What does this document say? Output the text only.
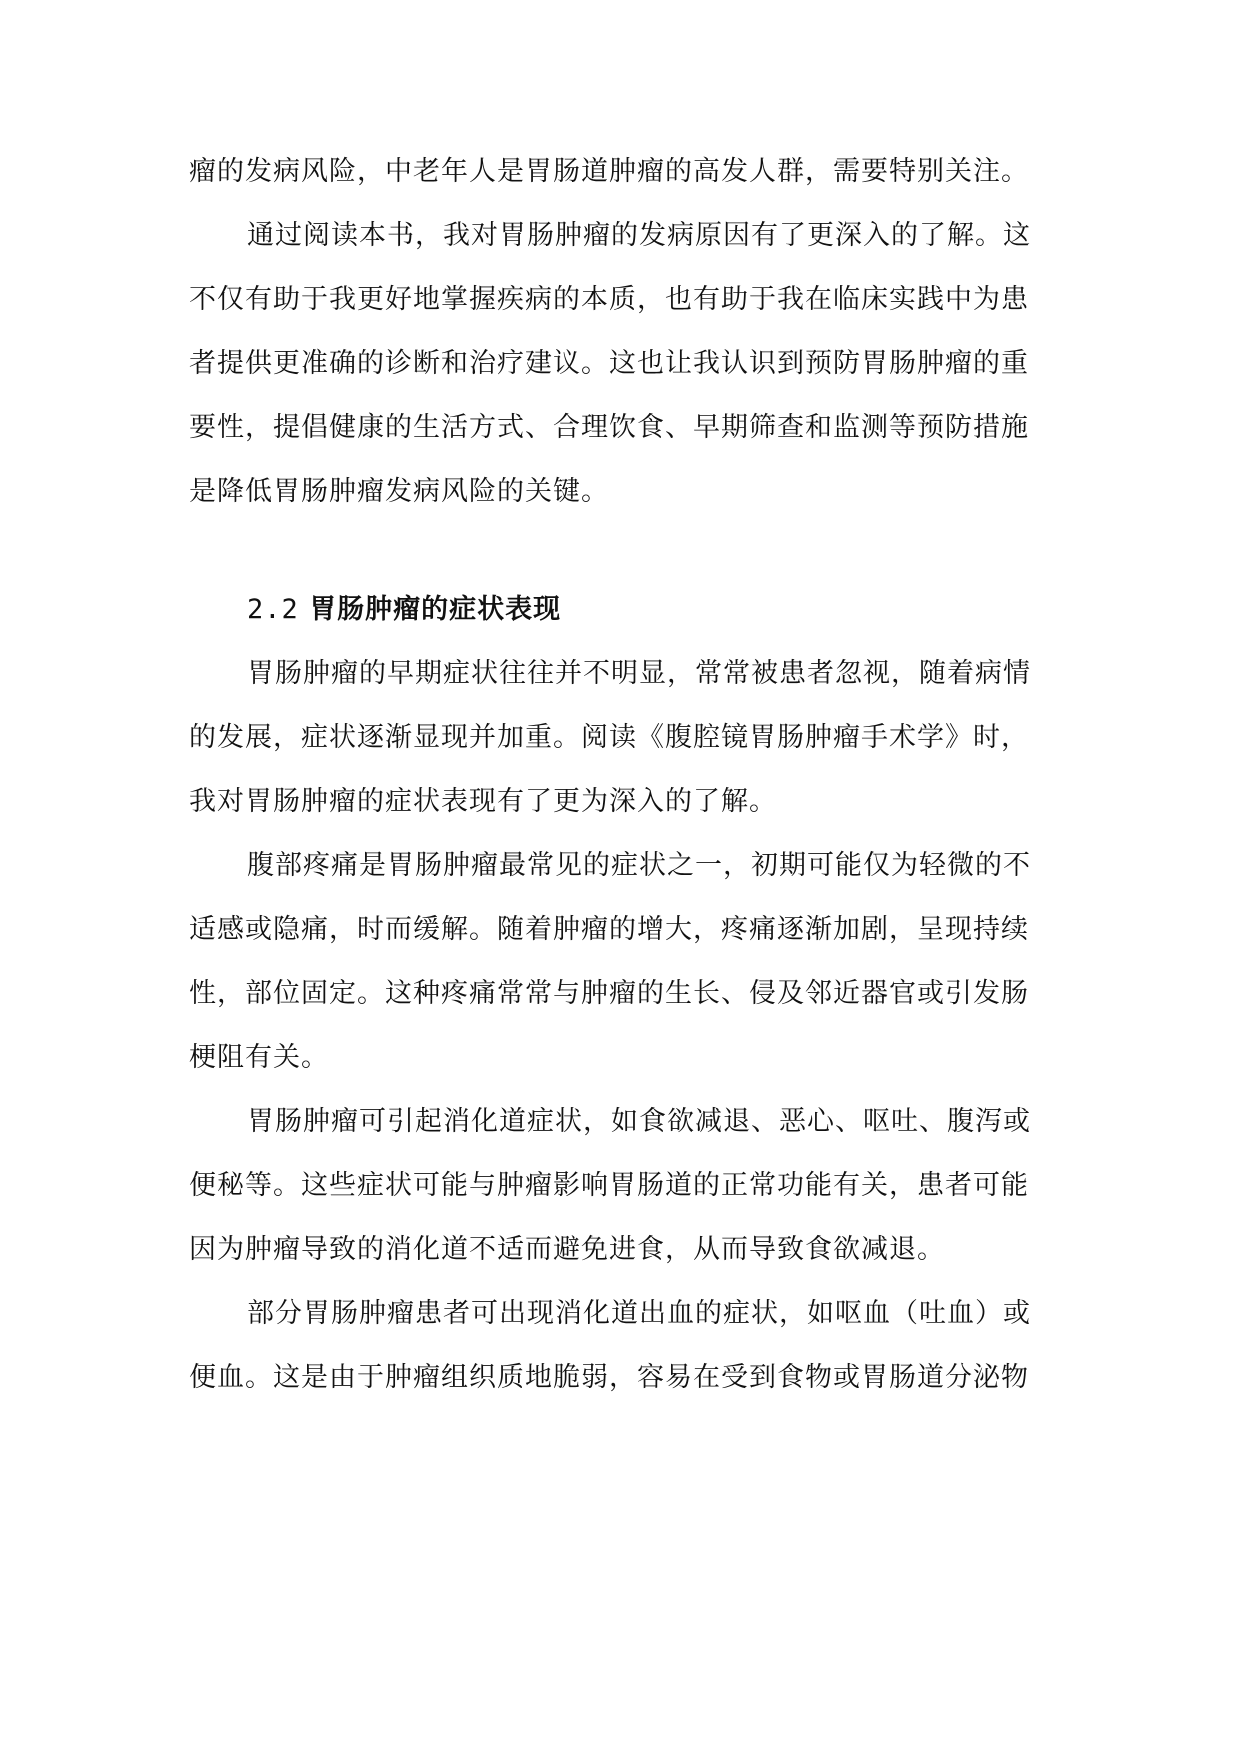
瘤的发病风险，中老年人是胃肠道肿瘤的高发人群，需要特别关注。
通过阅读本书，我对胃肠肿瘤的发病原因有了更深入的了解。这
不仅有助于我更好地掌握疾病的本质，也有助于我在临床实践中为患
者提供更准确的诊断和治疗建议。这也让我认识到预防胃肠肿瘤的重
要性，提倡健康的生活方式、合理饮食、早期筛查和监测等预防措施
是降低胃肠肿瘤发病风险的关键。
2.2 胃肠肿瘤的症状表现
胃肠肿瘤的早期症状往往并不明显，常常被患者忽视，随着病情
的发展，症状逐渐显现并加重。阅读《腹腔镜胃肠肿瘤手术学》时，
我对胃肠肿瘤的症状表现有了更为深入的了解。
腹部疼痛是胃肠肿瘤最常见的症状之一，初期可能仅为轻微的不
适感或隐痛，时而缓解。随着肿瘤的增大，疼痛逐渐加剧，呈现持续
性，部位固定。这种疼痛常常与肿瘤的生长、侵及邻近器官或引发肠
梗阻有关。
胃肠肿瘤可引起消化道症状，如食欲减退、恶心、呕吐、腹泻或
便秘等。这些症状可能与肿瘤影响胃肠道的正常功能有关，患者可能
因为肿瘤导致的消化道不适而避免进食，从而导致食欲减退。
部分胃肠肿瘤患者可出现消化道出血的症状，如呕血（吐血）或
便血。这是由于肿瘤组织质地脆弱，容易在受到食物或胃肠道分泌物
